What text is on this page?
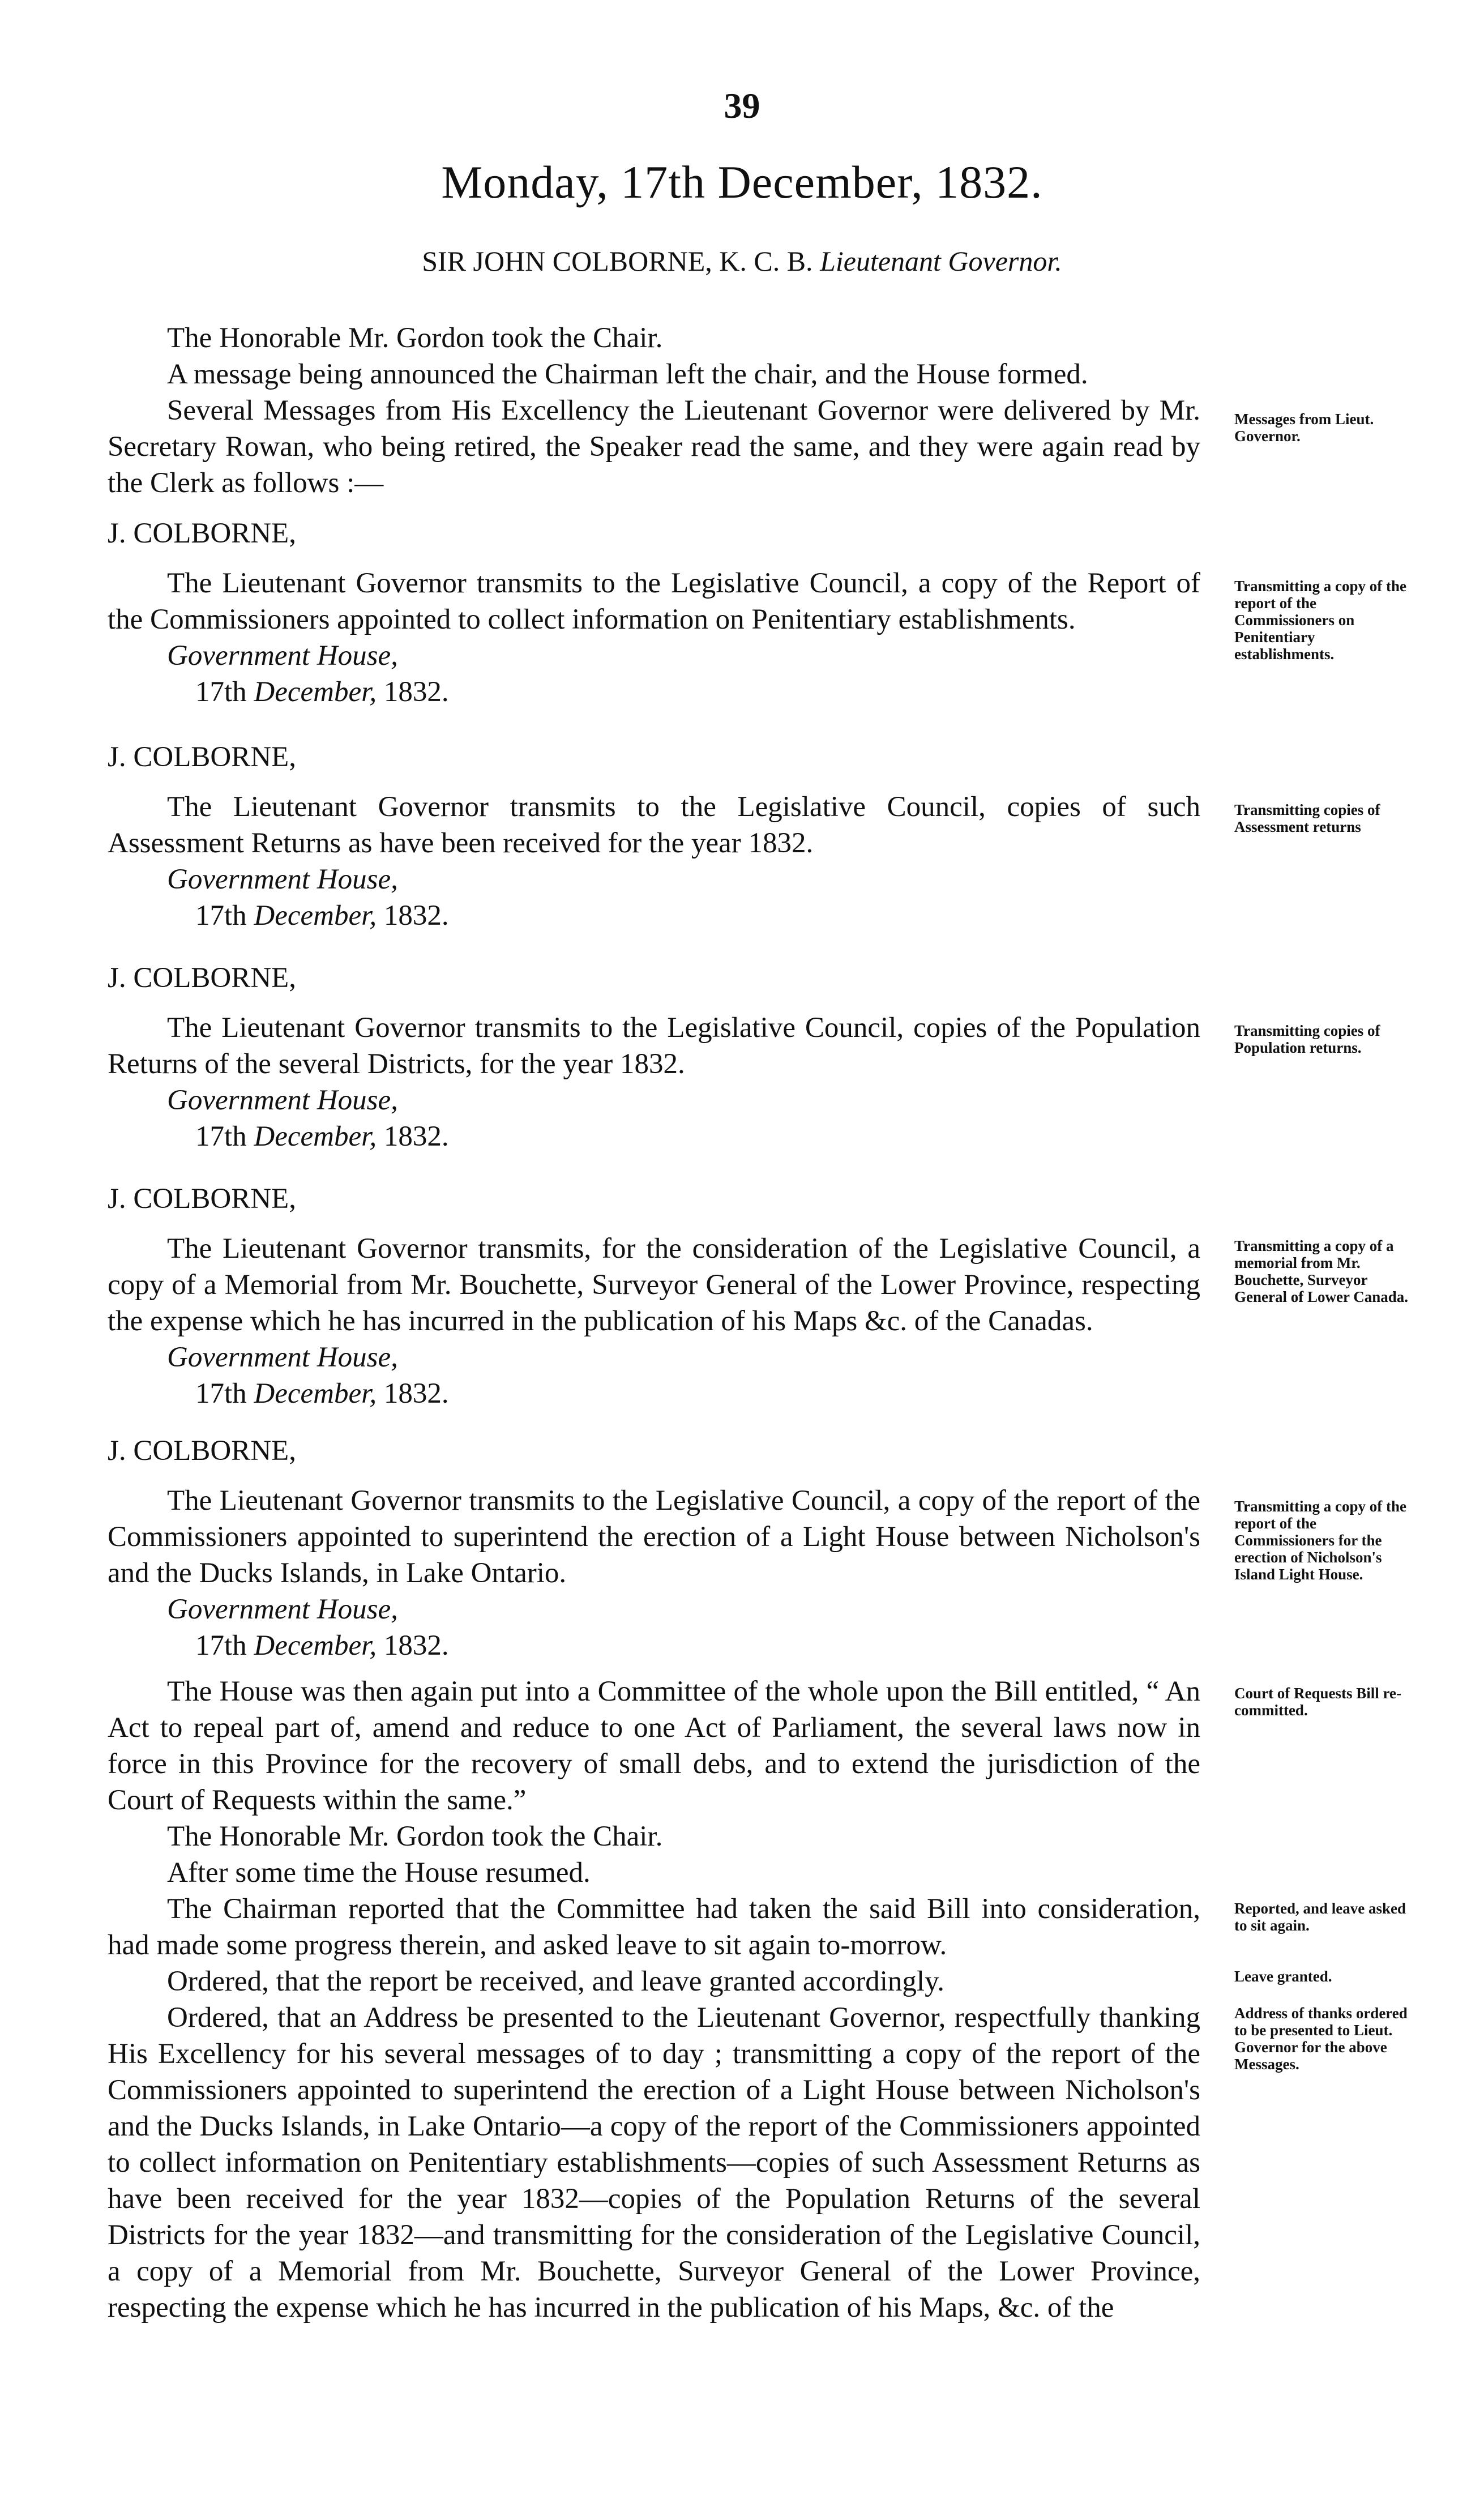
39
Monday, 17th December, 1832.
SIR JOHN COLBORNE, K. C. B. Lieutenant Governor.

The Honorable Mr. Gordon took the Chair.

A message being announced the Chairman left the chair, and the House formed.

Several Messages from His Excellency the Lieutenant Governor were delivered by Mr. Secretary Rowan, who being retired, the Speaker read the same, and they were again read by the Clerk as follows :—

Messages from Lieut. Governor.

J. COLBORNE,

The Lieutenant Governor transmits to the Legislative Council, a copy of the Report of the Commissioners appointed to collect information on Penitentiary establishments.

Government House,

17th December, 1832.

Transmitting a copy of the report of the Commissioners on Penitentiary establishments.

J. COLBORNE,

The Lieutenant Governor transmits to the Legislative Council, copies of such Assessment Returns as have been received for the year 1832.

Government House,

17th December, 1832.

Transmitting copies of Assessment returns

J. COLBORNE,

The Lieutenant Governor transmits to the Legislative Council, copies of the Population Returns of the several Districts, for the year 1832.

Government House,

17th December, 1832.

Transmitting copies of Population returns.

J. COLBORNE,

The Lieutenant Governor transmits, for the consideration of the Legislative Council, a copy of a Memorial from Mr. Bouchette, Surveyor General of the Lower Province, respecting the expense which he has incurred in the publication of his Maps &c. of the Canadas.

Government House,

17th December, 1832.

Transmitting a copy of a memorial from Mr. Bouchette, Surveyor General of Lower Canada.

J. COLBORNE,

The Lieutenant Governor transmits to the Legislative Council, a copy of the report of the Commissioners appointed to superintend the erection of a Light House between Nicholson's and the Ducks Islands, in Lake Ontario.

Government House,

17th December, 1832.

Transmitting a copy of the report of the Commissioners for the erection of Nicholson's Island Light House.

The House was then again put into a Committee of the whole upon the Bill entitled, “ An Act to repeal part of, amend and reduce to one Act of Parliament, the several laws now in force in this Province for the recovery of small debs, and to extend the jurisdiction of the Court of Requests within the same.”

The Honorable Mr. Gordon took the Chair.

After some time the House resumed.

The Chairman reported that the Committee had taken the said Bill into consideration, had made some progress therein, and asked leave to sit again to-morrow.

Ordered, that the report be received, and leave granted accordingly.

Ordered, that an Address be presented to the Lieutenant Governor, respectfully thanking His Excellency for his several messages of to day ; transmitting a copy of the report of the Commissioners appointed to superintend the erection of a Light House between Nicholson's and the Ducks Islands, in Lake Ontario—a copy of the report of the Commissioners appointed to collect information on Penitentiary establishments—copies of such Assessment Returns as have been received for the year 1832—copies of the Population Returns of the several Districts for the year 1832—and transmitting for the consideration of the Legislative Council, a copy of a Memorial from Mr. Bouchette, Surveyor General of the Lower Province, respecting the expense which he has incurred in the publication of his Maps, &c. of the

Court of Requests Bill re-committed.
Reported, and leave asked to sit again.
Leave granted.
Address of thanks ordered to be presented to Lieut. Governor for the above Messages.
